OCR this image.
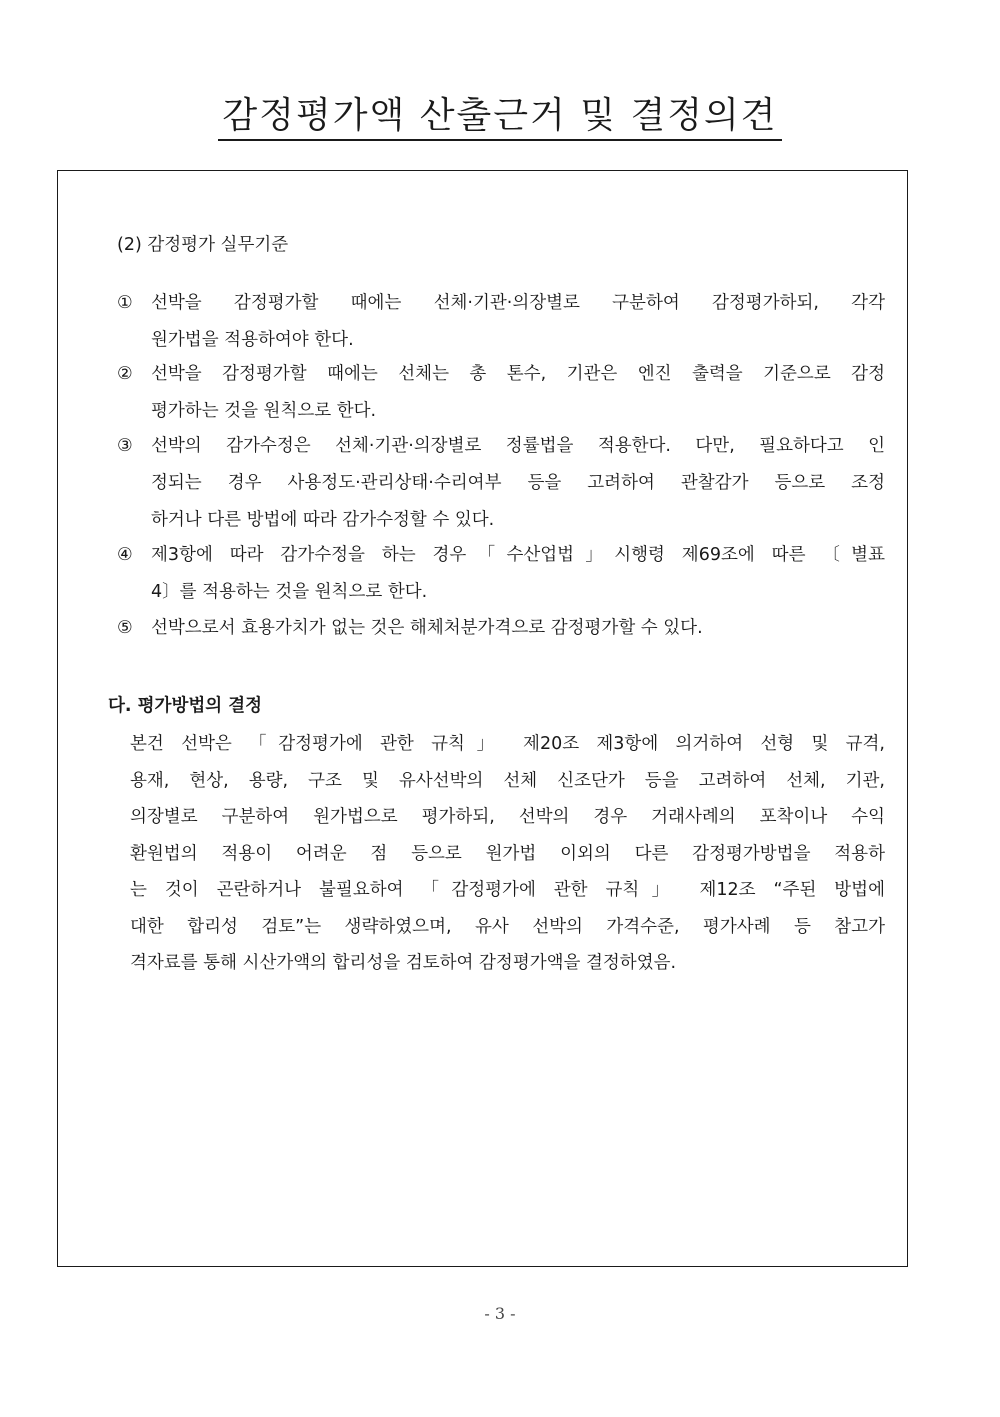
감정평가액 산출근거 및 결정의견
(2) 감정평가 실무기준
① 선박을 감정평가할 때에는 선체·기관·의장별로 구분하여 감정평가하되, 각각
원가법을 적용하여야 한다.
② 선박을 감정평가할 때에는 선체는 총 톤수, 기관은 엔진 출력을 기준으로 감정
평가하는 것을 원칙으로 한다.
③ 선박의 감가수정은 선체·기관·의장별로 정률법을 적용한다. 다만, 필요하다고 인
정되는 경우 사용정도·관리상태·수리여부 등을 고려하여 관찰감가 등으로 조정
하거나 다른 방법에 따라 감가수정할 수 있다.
④ 제3항에 따라 감가수정을 하는 경우「수산업법」시행령 제69조에 따른 〔별표
4〕를 적용하는 것을 원칙으로 한다.
⑤ 선박으로서 효용가치가 없는 것은 해체처분가격으로 감정평가할 수 있다.
다. 평가방법의 결정
본건 선박은 「감정평가에 관한 규칙」 제20조 제3항에 의거하여 선형 및 규격,
용재, 현상, 용량, 구조 및 유사선박의 선체 신조단가 등을 고려하여 선체, 기관,
의장별로 구분하여 원가법으로 평가하되, 선박의 경우 거래사례의 포착이나 수익
환원법의 적용이 어려운 점 등으로 원가법 이외의 다른 감정평가방법을 적용하
는 것이 곤란하거나 불필요하여 「감정평가에 관한 규칙」 제12조 “주된 방법에
대한 합리성 검토”는 생략하였으며, 유사 선박의 가격수준, 평가사례 등 참고가
격자료를 통해 시산가액의 합리성을 검토하여 감정평가액을 결정하였음.
- 3 -
